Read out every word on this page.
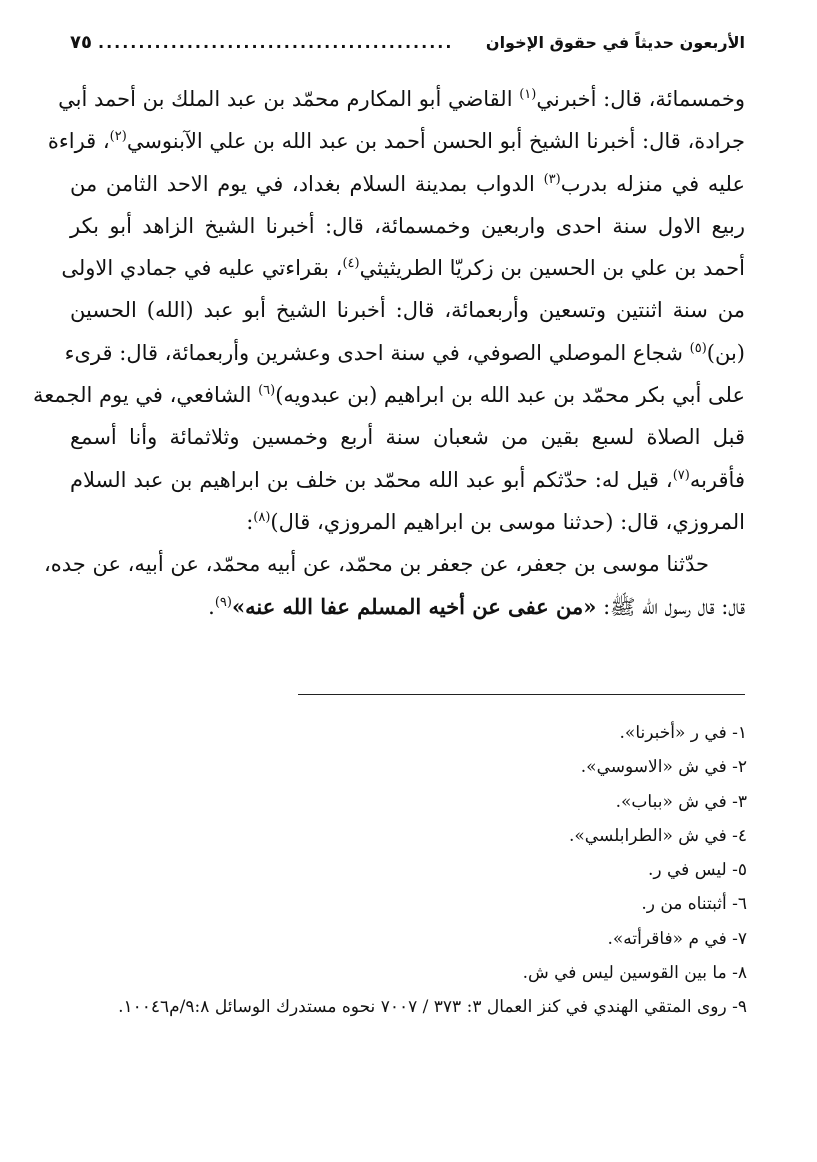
الأربعون حديثاً في حقوق الإخوان
............................................
٧٥
وخمسمائة، قال: أخبرني$^{(١)}$ القاضي أبو المكارم محمّد بن عبد الملك بن أحمد أبي
جرادة، قال: أخبرنا الشيخ أبو الحسن أحمد بن عبد الله بن علي الآبنوسي$^{(٢)}$، قراءة
عليه في منزله بدرب$^{(٣)}$ الدواب بمدينة السلام بغداد، في يوم الاحد الثامن من
ربيع الاول سنة احدى واربعين وخمسمائة، قال: أخبرنا الشيخ الزاهد أبو بكر
أحمد بن علي بن الحسين بن زكريّا الطريثيثي$^{(٤)}$، بقراءتي عليه في جمادي الاولى
من سنة اثنتين وتسعين وأربعمائة، قال: أخبرنا الشيخ أبو عبد (الله) الحسين
(بن)$^{(٥)}$ شجاع الموصلي الصوفي، في سنة احدى وعشرين وأربعمائة، قال: قرىء
على أبي بكر محمّد بن عبد الله بن ابراهيم (بن عبدويه)$^{(٦)}$ الشافعي، في يوم الجمعة
قبل الصلاة لسبع بقين من شعبان سنة أربع وخمسين وثلاثمائة وأنا أسمع
فأقربه$^{(٧)}$، قيل له: حدّثكم أبو عبد الله محمّد بن خلف بن ابراهيم بن عبد السلام
المروزي، قال: (حدثنا موسى بن ابراهيم المروزي، قال)$^{(٨)}$:
حدّثنا موسى بن جعفر، عن جعفر بن محمّد، عن أبيه محمّد، عن أبيه، عن جده،
قال: قال رسول الله ﷺ: «من عفى عن أخيه المسلم عفا الله عنه»$^{(٩)}$.
١- في ر «أخبرنا».
٢- في ش «الاسوسي».
٣- في ش «بباب».
٤- في ش «الطرابلسي».
٥- ليس في ر.
٦- أثبتناه من ر.
٧- في م «فاقرأته».
٨- ما بين القوسين ليس في ش.
٩- روى المتقي الهندي في كنز العمال ٣: ٣٧٣ / ٧٠٠٧ نحوه مستدرك الوسائل ٩:٨/م١٠٠٤٦.
